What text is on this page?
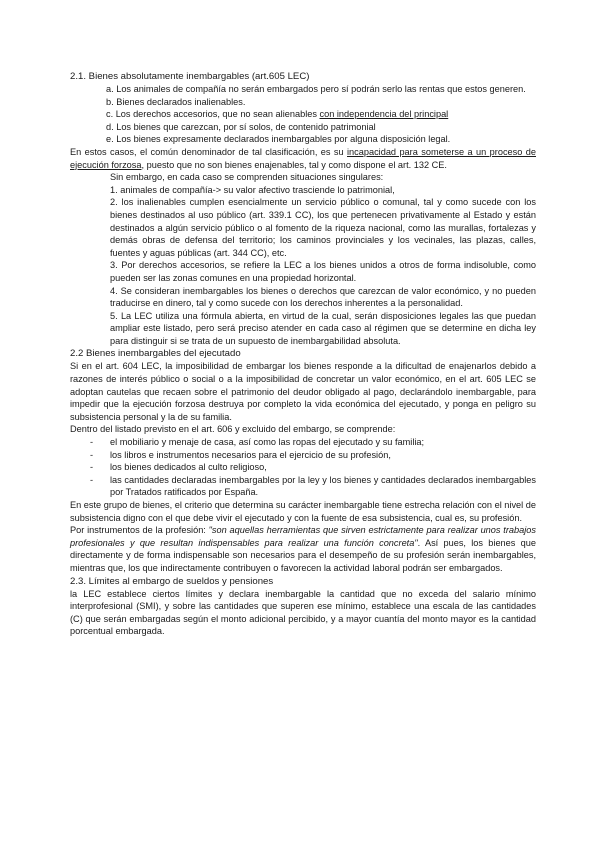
2.1. Bienes absolutamente inembargables (art.605 LEC)

a. Los animales de compañía no serán embargados pero sí podrán serlo las rentas que estos generen.

b. Bienes declarados inalienables.

c. Los derechos accesorios, que no sean alienables con independencia del principal

d. Los bienes que carezcan, por sí solos, de contenido patrimonial

e. Los bienes expresamente declarados inembargables por alguna disposición legal.

En estos casos, el común denominador de tal clasificación, es su incapacidad para someterse a un proceso de ejecución forzosa, puesto que no son bienes enajenables, tal y como dispone el art. 132 CE.

Sin embargo, en cada caso se comprenden situaciones singulares:

1. animales de compañía-> su valor afectivo trasciende lo patrimonial,

2. los inalienables cumplen esencialmente un servicio público o comunal, tal y como sucede con los bienes destinados al uso público (art. 339.1 CC), los que pertenecen privativamente al Estado y están destinados a algún servicio público o al fomento de la riqueza nacional, como las murallas, fortalezas y demás obras de defensa del territorio; los caminos provinciales y los vecinales, las plazas, calles, fuentes y aguas públicas (art. 344 CC), etc.

3. Por derechos accesorios, se refiere la LEC a los bienes unidos a otros de forma indisoluble, como pueden ser las zonas comunes en una propiedad horizontal.

4. Se consideran inembargables los bienes o derechos que carezcan de valor económico, y no pueden traducirse en dinero, tal y como sucede con los derechos inherentes a la personalidad.

5. La LEC utiliza una fórmula abierta, en virtud de la cual, serán disposiciones legales las que puedan ampliar este listado, pero será preciso atender en cada caso al régimen que se determine en dicha ley para distinguir si se trata de un supuesto de inembargabilidad absoluta.

2.2 Bienes inembargables del ejecutado

Si en el art. 604 LEC, la imposibilidad de embargar los bienes responde a la dificultad de enajenarlos debido a razones de interés público o social o a la imposibilidad de concretar un valor económico, en el art. 605 LEC se adoptan cautelas que recaen sobre el patrimonio del deudor obligado al pago, declarándolo inembargable, para impedir que la ejecución forzosa destruya por completo la vida económica del ejecutado, y ponga en peligro su subsistencia personal y la de su familia.

Dentro del listado previsto en el art. 606 y excluido del embargo, se comprende:

- el mobiliario y menaje de casa, así como las ropas del ejecutado y su familia;
- los libros e instrumentos necesarios para el ejercicio de su profesión,
- los bienes dedicados al culto religioso,
- las cantidades declaradas inembargables por la ley y los bienes y cantidades declarados inembargables por Tratados ratificados por España.

En este grupo de bienes, el criterio que determina su carácter inembargable tiene estrecha relación con el nivel de subsistencia digno con el que debe vivir el ejecutado y con la fuente de esa subsistencia, cual es, su profesión.

Por instrumentos de la profesión: "son aquellas herramientas que sirven estrictamente para realizar unos trabajos profesionales y que resultan indispensables para realizar una función concreta". Así pues, los bienes que directamente y de forma indispensable son necesarios para el desempeño de su profesión serán inembargables, mientras que, los que indirectamente contribuyen o favorecen la actividad laboral podrán ser embargados.

2.3. Límites al embargo de sueldos y pensiones

la LEC establece ciertos límites y declara inembargable la cantidad que no exceda del salario mínimo interprofesional (SMI), y sobre las cantidades que superen ese mínimo, establece una escala de las cantidades (C) que serán embargadas según el monto adicional percibido, y a mayor cuantía del monto mayor es la cantidad porcentual embargada.
